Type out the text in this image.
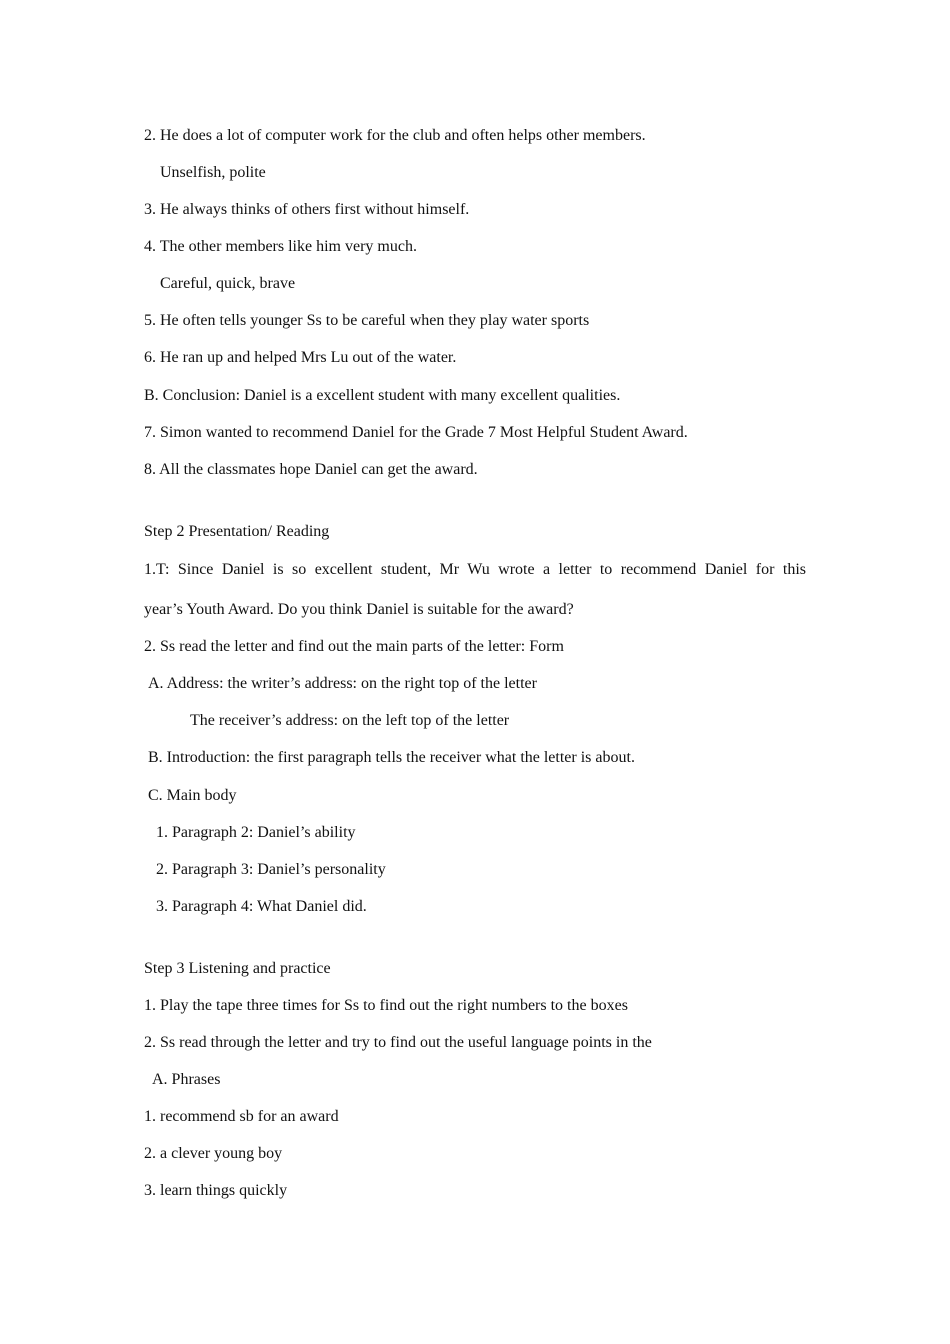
2. He does a lot of computer work for the club and often helps other members.
Unselfish, polite
3. He always thinks of others first without himself.
4. The other members like him very much.
Careful, quick, brave
5. He often tells younger Ss to be careful when they play water sports
6. He ran up and helped Mrs Lu out of the water.
B. Conclusion: Daniel is a excellent student with many excellent qualities.
7. Simon wanted to recommend Daniel for the Grade 7 Most Helpful Student Award.
8. All the classmates hope Daniel can get the award.
Step 2 Presentation/ Reading
1.T: Since Daniel is so excellent student, Mr Wu wrote a letter to recommend Daniel for this
year’s Youth Award. Do you think Daniel is suitable for the award?
2. Ss read the letter and find out the main parts of the letter: Form
A. Address: the writer’s address: on the right top of the letter
The receiver’s address: on the left top of the letter
B. Introduction: the first paragraph tells the receiver what the letter is about.
C. Main body
1. Paragraph 2: Daniel’s ability
2. Paragraph 3: Daniel’s personality
3. Paragraph 4: What Daniel did.
Step 3 Listening and practice
1. Play the tape three times for Ss to find out the right numbers to the boxes
2. Ss read through the letter and try to find out the useful language points in the
A. Phrases
1. recommend sb for an award
2. a clever young boy
3. learn things quickly
